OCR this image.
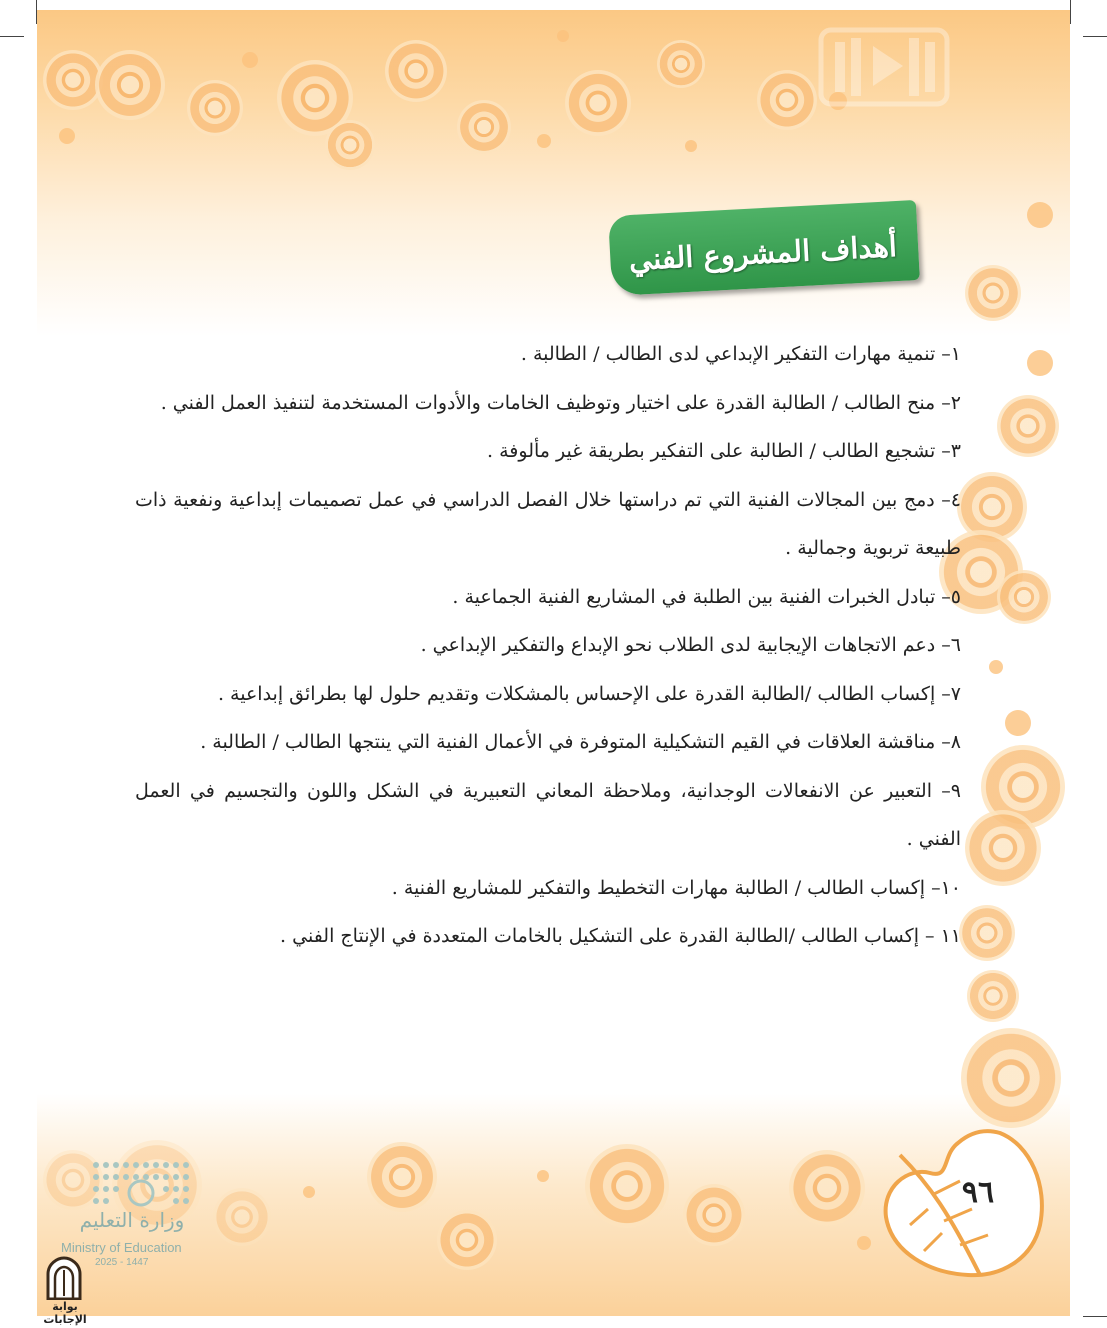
أهداف المشروع الفني
١– تنمية مهارات التفكير الإبداعي لدى الطالب / الطالبة .
٢– منح الطالب / الطالبة القدرة على اختيار وتوظيف الخامات والأدوات المستخدمة لتنفيذ العمل الفني .
٣– تشجيع الطالب / الطالبة على التفكير بطريقة غير مألوفة .
٤– دمج بين المجالات الفنية التي تم دراستها خلال الفصل الدراسي في عمل تصميمات إبداعية ونفعية ذات طبيعة تربوية وجمالية .
٥– تبادل الخبرات الفنية بين الطلبة في المشاريع الفنية الجماعية .
٦– دعم الاتجاهات الإيجابية لدى الطلاب نحو الإبداع والتفكير الإبداعي .
٧– إكساب الطالب /الطالبة القدرة على الإحساس بالمشكلات وتقديم حلول لها بطرائق إبداعية .
٨– مناقشة العلاقات في القيم التشكيلية المتوفرة في الأعمال الفنية التي ينتجها الطالب / الطالبة .
٩– التعبير عن الانفعالات الوجدانية، وملاحظة المعاني التعبيرية في الشكل واللون والتجسيم في العمل الفني .
١٠– إكساب الطالب / الطالبة مهارات التخطيط والتفكير للمشاريع الفنية .
١١ – إكساب الطالب /الطالبة القدرة على التشكيل بالخامات المتعددة في الإنتاج الفني .
٩٦
وزارة التعليم
Ministry of Education
2025 - 1447
بوابة الإجابات
